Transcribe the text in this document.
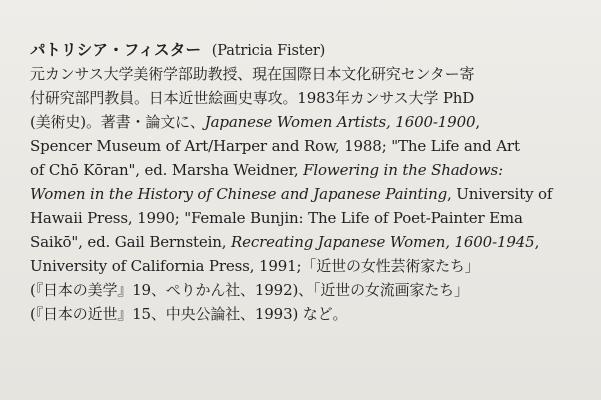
パトリシア・フィスター (Patricia Fister)
元カンサス大学美術学部助教授、現在国際日本文化研究センター寄
付研究部門教員。日本近世絵画史専攻。1983年カンサス大学 PhD
(美術史)。著書・論文に、Japanese Women Artists, 1600-1900,
Spencer Museum of Art/Harper and Row, 1988; "The Life and Art
of Chō Kōran", ed. Marsha Weidner, Flowering in the Shadows:
Women in the History of Chinese and Japanese Painting, University of
Hawaii Press, 1990; "Female Bunjin: The Life of Poet-Painter Ema
Saikō", ed. Gail Bernstein, Recreating Japanese Women, 1600-1945,
University of California Press, 1991;「近世の女性芸術家たち」
(『日本の美学』19、ぺりかん社、1992)、「近世の女流画家たち」
(『日本の近世』15、中央公論社、1993) など。
